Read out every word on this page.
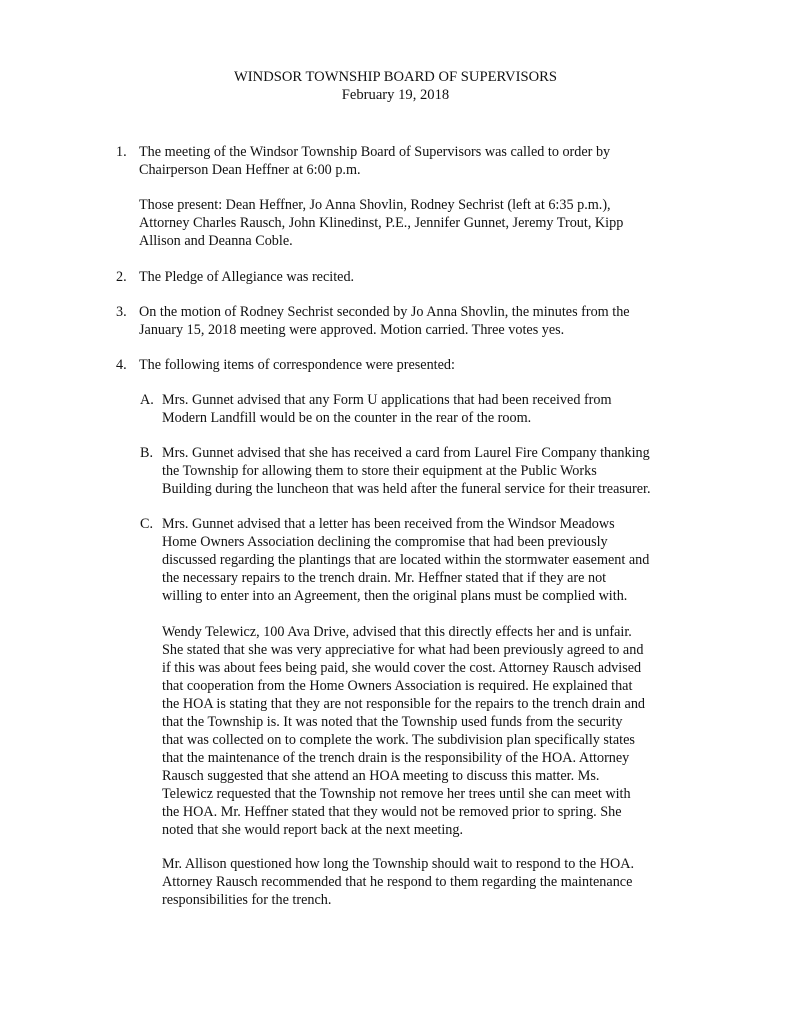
WINDSOR TOWNSHIP BOARD OF SUPERVISORS
February 19, 2018
1. The meeting of the Windsor Township Board of Supervisors was called to order by
Chairperson Dean Heffner at 6:00 p.m.
Those present: Dean Heffner, Jo Anna Shovlin, Rodney Sechrist (left at 6:35 p.m.),
Attorney Charles Rausch, John Klinedinst, P.E., Jennifer Gunnet, Jeremy Trout, Kipp
Allison and Deanna Coble.
2. The Pledge of Allegiance was recited.
3. On the motion of Rodney Sechrist seconded by Jo Anna Shovlin, the minutes from the
January 15, 2018 meeting were approved. Motion carried. Three votes yes.
4. The following items of correspondence were presented:
A. Mrs. Gunnet advised that any Form U applications that had been received from
Modern Landfill would be on the counter in the rear of the room.
B. Mrs. Gunnet advised that she has received a card from Laurel Fire Company thanking
the Township for allowing them to store their equipment at the Public Works
Building during the luncheon that was held after the funeral service for their treasurer.
C. Mrs. Gunnet advised that a letter has been received from the Windsor Meadows
Home Owners Association declining the compromise that had been previously
discussed regarding the plantings that are located within the stormwater easement and
the necessary repairs to the trench drain. Mr. Heffner stated that if they are not
willing to enter into an Agreement, then the original plans must be complied with.
Wendy Telewicz, 100 Ava Drive, advised that this directly effects her and is unfair.
She stated that she was very appreciative for what had been previously agreed to and
if this was about fees being paid, she would cover the cost. Attorney Rausch advised
that cooperation from the Home Owners Association is required. He explained that
the HOA is stating that they are not responsible for the repairs to the trench drain and
that the Township is. It was noted that the Township used funds from the security
that was collected on to complete the work. The subdivision plan specifically states
that the maintenance of the trench drain is the responsibility of the HOA. Attorney
Rausch suggested that she attend an HOA meeting to discuss this matter. Ms.
Telewicz requested that the Township not remove her trees until she can meet with
the HOA. Mr. Heffner stated that they would not be removed prior to spring. She
noted that she would report back at the next meeting.
Mr. Allison questioned how long the Township should wait to respond to the HOA.
Attorney Rausch recommended that he respond to them regarding the maintenance
responsibilities for the trench.
